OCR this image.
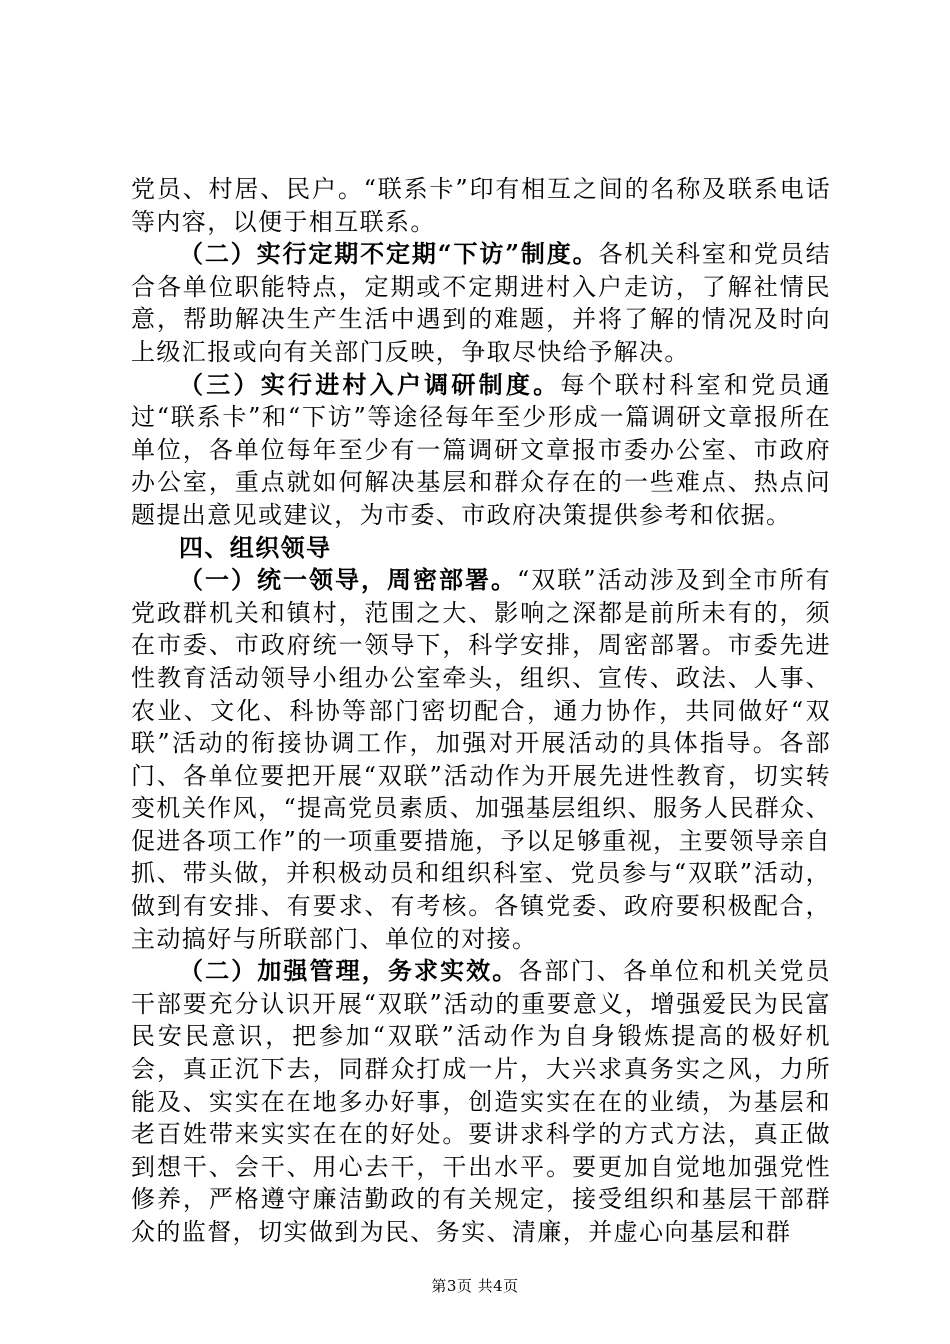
党员、村居、民户。“联系卡”印有相互之间的名称及联系电话等内容，以便于相互联系。

（二）实行定期不定期“下访”制度。各机关科室和党员结合各单位职能特点，定期或不定期进村入户走访，了解社情民意，帮助解决生产生活中遇到的难题，并将了解的情况及时向上级汇报或向有关部门反映，争取尽快给予解决。

（三）实行进村入户调研制度。每个联村科室和党员通过“联系卡”和“下访”等途径每年至少形成一篇调研文章报所在单位，各单位每年至少有一篇调研文章报市委办公室、市政府办公室，重点就如何解决基层和群众存在的一些难点、热点问题提出意见或建议，为市委、市政府决策提供参考和依据。

四、组织领导

（一）统一领导，周密部署。“双联”活动涉及到全市所有党政群机关和镇村，范围之大、影响之深都是前所未有的，须在市委、市政府统一领导下，科学安排，周密部署。市委先进性教育活动领导小组办公室牵头，组织、宣传、政法、人事、农业、文化、科协等部门密切配合，通力协作，共同做好“双联”活动的衔接协调工作，加强对开展活动的具体指导。各部门、各单位要把开展“双联”活动作为开展先进性教育，切实转变机关作风，“提高党员素质、加强基层组织、服务人民群众、促进各项工作”的一项重要措施，予以足够重视，主要领导亲自抓、带头做，并积极动员和组织科室、党员参与“双联”活动，做到有安排、有要求、有考核。各镇党委、政府要积极配合，主动搞好与所联部门、单位的对接。

（二）加强管理，务求实效。各部门、各单位和机关党员干部要充分认识开展“双联”活动的重要意义，增强爱民为民富民安民意识，把参加“双联”活动作为自身锻炼提高的极好机会，真正沉下去，同群众打成一片，大兴求真务实之风，力所能及、实实在在地多办好事，创造实实在在的业绩，为基层和老百姓带来实实在在的好处。要讲求科学的方式方法，真正做到想干、会干、用心去干，干出水平。要更加自觉地加强党性修养，严格遵守廉洁勤政的有关规定，接受组织和基层干部群众的监督，切实做到为民、务实、清廉，并虚心向基层和群

第3页 共4页
